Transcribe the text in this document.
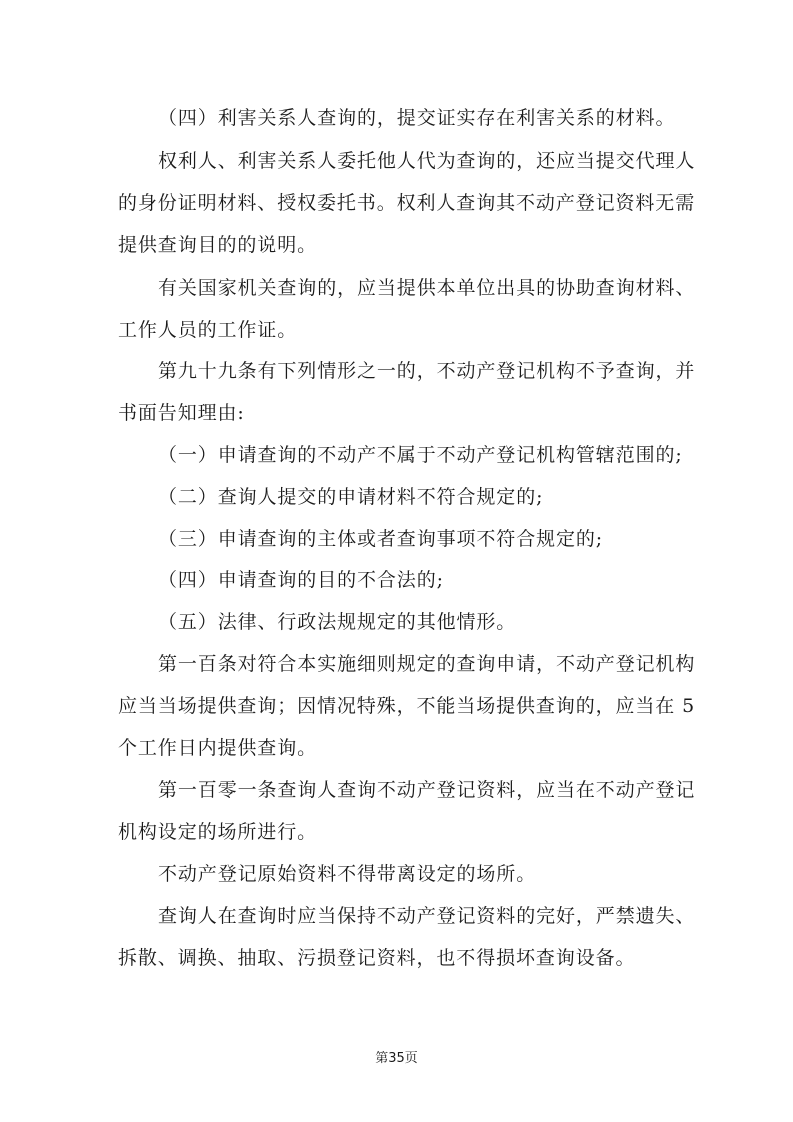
（四）利害关系人查询的，提交证实存在利害关系的材料。
权利人、利害关系人委托他人代为查询的，还应当提交代理人
的身份证明材料、授权委托书。权利人查询其不动产登记资料无需
提供查询目的的说明。
有关国家机关查询的，应当提供本单位出具的协助查询材料、
工作人员的工作证。
第九十九条有下列情形之一的，不动产登记机构不予查询，并
书面告知理由:
（一）申请查询的不动产不属于不动产登记机构管辖范围的;
（二）查询人提交的申请材料不符合规定的;
（三）申请查询的主体或者查询事项不符合规定的;
（四）申请查询的目的不合法的;
（五）法律、行政法规规定的其他情形。
第一百条对符合本实施细则规定的查询申请，不动产登记机构
应当当场提供查询；因情况特殊，不能当场提供查询的，应当在 5
个工作日内提供查询。
第一百零一条查询人查询不动产登记资料，应当在不动产登记
机构设定的场所进行。
不动产登记原始资料不得带离设定的场所。
查询人在查询时应当保持不动产登记资料的完好，严禁遗失、
拆散、调换、抽取、污损登记资料，也不得损坏查询设备。
第35页
